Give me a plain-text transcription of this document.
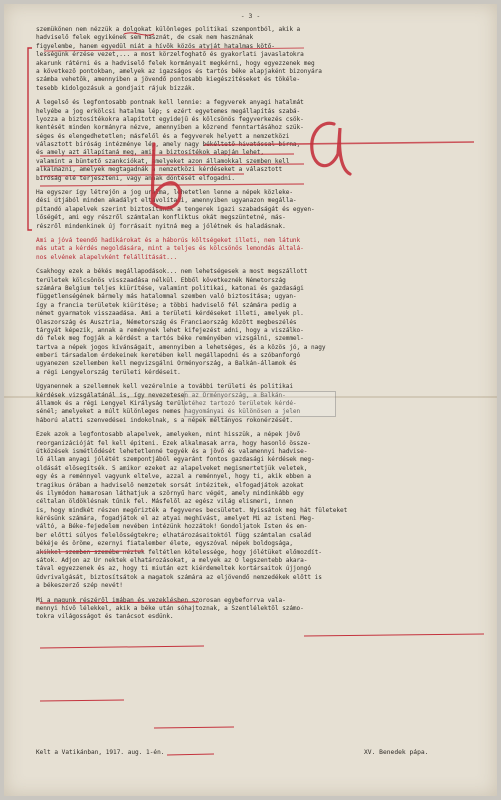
- 3 -
szemükönen nem nézzük a dolgokat különleges politikai szempontból, akik a
hadviselő felek egyikének sem hasznát, de csak nem hasznának
figyelembe, hanem egyedül miát a hívők közös atyját hatalmas kötő-
lességünk érzése vezet,... a most körzelfoghatő és gyakorlati javaslatokra
akarunk rátérni és a hadviselő felek kormányait megkérni, hogy egyezzenek meg
a következő pontokban, amelyek az igazságos és tartós béke alapjaként bizonyára
számba vehetők, amennyiben a jövendő pontosabb kiegészítéseket és tökéle-
tesebb kidolgozásuk a gondjait rájuk bízzák.
A legelső és legfontosabb pontnak kell lennie: a fegyverek anyagi hatalmát
helyébe a jog erkölcsi hatalma lép; s ezért egyetemes megállapítás szabá-
lyozza a biztosítékokra alapított egyidejű és kölcsönös fegyverkezés csök-
kentését minden kormányra nézve, amennyiben a közrend fenntartásához szük-
séges és elengedhetetlen; másfelől és a fegyverek helyett a nemzetközi
választott bíróság intézménye lép, amely nagy békéltető hivatással birna,
és amely azt állapítaná meg, amit a biztosítékok alapján lehet,
valamint a büntető szankciókat, amelyeket azon államokkal szemben kell
alkalmazni, amelyek megtagadnák a nemzetközi kérdéseket a választott
bíróság elé terjeszteni, vagy annak döntését elfogadni.
Ha egyszer így létrejön a jog uralma, lehetetlen lenne a népek közleke-
dési útjából minden akadályt eltávolítani, amennyiben ugyanazon megálla-
pítandó alapelvek szerint biztosítanák a tengerek igazi szabadságát és egyen-
lőségét, ami egy részről számtalan konfliktus okát megszüntetné, más-
részről mindenkinek új forrásait nyitná meg a jólétnek és haladásnak.
Ami a jóvá teendő hadikárokat és a háborús költségeket illeti, nem látunk
más utat a kérdés megoldására, mint a teljes és kölcsönös lemondás általá-
nos elvének alapelvként felállítását...
Csakhogy ezek a békés megállapodások... nem lehetségesek a most megszállott
területek kölcsönös visszaadása nélkül. Ebből következnék Németország
számára Belgium teljes kiürítése, valamint politikai, katonai és gazdasági
függetlenségének bármely más hatalommal szemben való biztosítása; ugyan-
így a francia területek kiürítése; a többi hadviselő fél számára pedig a
német gyarmatok visszaadása. Ami a területi kérdéseket illeti, amelyek pl.
Olaszország és Ausztria, Németország és Franciaország között megbeszélés
tárgyát képezik, annak a reménynek lehet kifejezést adni, hogy a viszálko-
dó felek meg fogják a kérdést a tartós béke reményében vizsgálni, szemmel-
tartva a népek jogos kívánságait, amennyiben a lehetséges, és a közös jó, a nagy
emberi társadalom érdekeinek keretében kell megállapodni és a szóbanforgó
ugyanezen szellemben kell megvizsgálni Örményország, a Balkán-államok és
a régi Lengyelország területi kérdéseit.
Ugyanennek a szellemnek kell vezérelnie a további területi és politikai
kérdések vizsgálatánál is, így nevezetesen az Örményország, a Balkán-
államok és a régi Lengyel Királyság területéhez tartozó területek kérdé-
sénél; amelyeket a múlt különleges nemes hagyományai és különösen a jelen
háború alatti szenvedései indokolnak, s a népek méltányos rokonérzését.
Ezek azok a legfontosabb alapelvek, amelyeken, mint hisszük, a népek jövő
reorganizációját fel kell építeni. Ezek alkalmasak arra, hogy hasonló össze-
ütközések ismétlődését lehetetlenné tegyék és a jövő és valamennyi hadvise-
lő állam anyagi jólétét szempontjából egyaránt fontos gazdasági kérdések meg-
oldását elősegítsék. S amikor ezeket az alapelveket megismertetjük veletek,
egy és a reménnyel vagyunk eltelve, azzal a reménnyel, hogy ti, akik ebben a
tragikus órában a hadviselő nemzetek sorsát intézitek, elfogadjátok azokat
és ilymódon hamarosan láthatjuk a szörnyű harc végét, amely mindinkább egy
céltalan öldöklésnak tűnik fel. Másfelől az egész világ elismeri, innen
is, hogy mindkét részen megőrizték a fegyveres becsületet. Nyissátok meg hát fületeket
kérésünk számára, fogadjátok el az atyai meghívást, amelyet Mi az isteni Meg-
váltó, a Béke-fejedelem nevében intézünk hozzátok! Gondoljatok Isten és em-
ber előtti súlyos felelősségtekre; elhatározásaitoktól függ számtalan család
békéje és öröme, ezernyi fiatalember élete, egyszóval népek boldogsága,
akikkel szemben szemébe néztek feltétlen kötelessége, hogy jólétüket előmozdít-
sátok. Adjon az Úr nektek elhatározásokat, a melyek az Ő legszentebb akara-
tával egyezzenek és az, hogy ti miután ezt kiérdemeltek kortársaitok újjongó
üdvrivalgását, biztosítsátok a magatok számára az eljövendő nemzedékek előtt is
a békeszerző szép nevét!
Mi a magunk részéről imában és vezeklésben szorosan egybeforrva vala-
mennyi hívő lélekkel, akik a béke után sóhajtoznak, a Szentlélektől számo-
tokra világosságot és tanácsot esdünk.
Kelt a Vatikánban, 1917. aug. 1-én.	XV. Benedek pápa.
